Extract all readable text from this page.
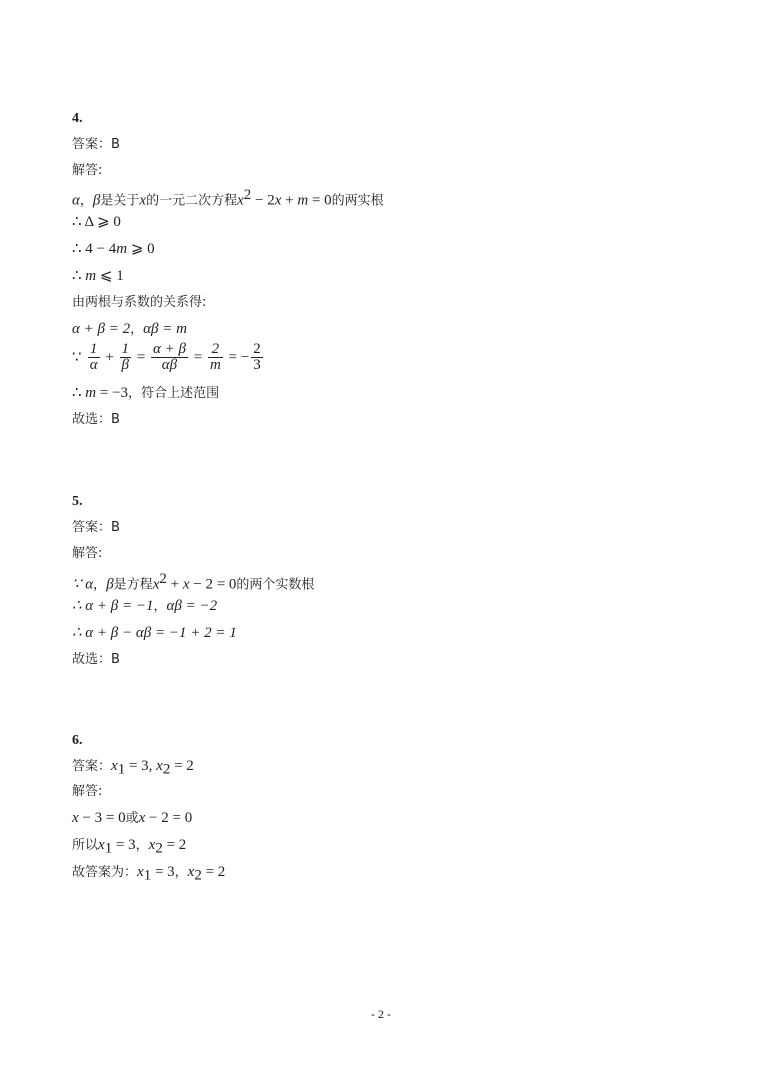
4.
答案：B
解答:
α，β是关于x的一元二次方程$x^2 - 2x + m = 0$的两实根
∴ Δ ⩾ 0
∴ 4 − 4m ⩾ 0
∴ m ⩽ 1
由两根与系数的关系得:
α + β = 2，αβ = m
∵ $\frac{1}{\alpha} + \frac{1}{\beta} = \frac{\alpha + \beta}{\alpha\beta} = \frac{2}{m}$ = − $\frac{2}{3}$
∴ m = −3，符合上述范围
故选：B
5.
答案：B
解答:
∵ α，β是方程$x^2 + x - 2 = 0$的两个实数根
∴ α + β = −1，αβ = −2
∴ α + β − αβ = −1 + 2 = 1
故选：B
6.
答案：$x_1 = 3$, $x_2 = 2$
解答:
x − 3 = 0或x − 2 = 0
所以$x_1 = 3$，$x_2 = 2$
故答案为：$x_1 = 3$，$x_2 = 2$
- 2 -
